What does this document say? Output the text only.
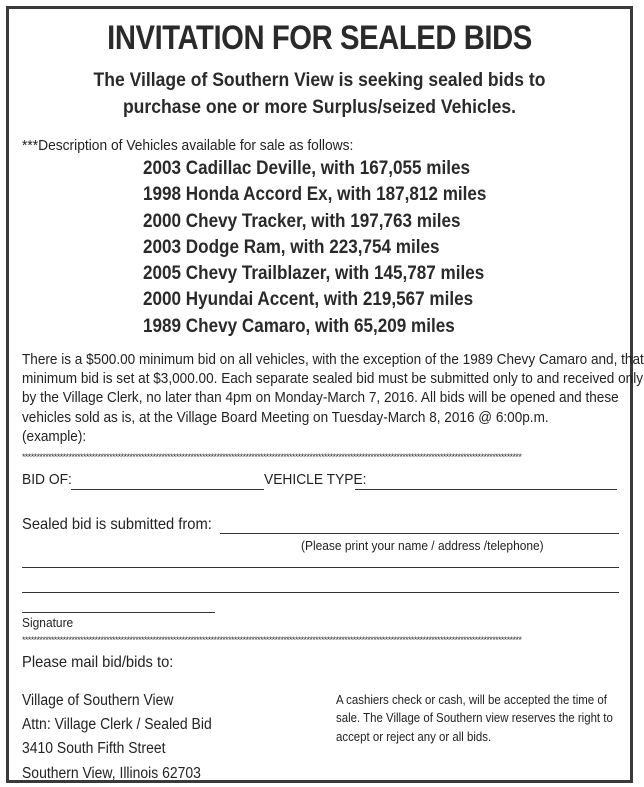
INVITATION FOR SEALED BIDS
The Village of Southern View is seeking sealed bids to
purchase one or more Surplus/seized Vehicles.
***Description of Vehicles available for sale as follows:
2003 Cadillac Deville, with 167,055 miles
1998 Honda Accord Ex, with 187,812 miles
2000 Chevy Tracker, with 197,763 miles
2003 Dodge Ram, with 223,754 miles
2005 Chevy Trailblazer, with 145,787 miles
2000 Hyundai Accent, with 219,567 miles
1989 Chevy Camaro, with 65,209 miles

There is a $500.00 minimum bid on all vehicles, with the exception of the 1989 Chevy Camaro and, that

minimum bid is set at $3,000.00. Each separate sealed bid must be submitted only to and received only

by the Village Clerk, no later than 4pm on Monday-March 7, 2016. All bids will be opened and these

vehicles sold as is, at the Village Board Meeting on Tuesday-March 8, 2016 @ 6:00p.m.

(example):

****************************************************************************************************************************************************************************
BID OF:	VEHICLE TYPE:
Sealed bid is submitted from:
(Please print your name / address /telephone)
Signature
****************************************************************************************************************************************************************************
Please mail bid/bids to:
Village of Southern View
Attn: Village Clerk / Sealed Bid
3410 South Fifth Street
Southern View, Illinois 62703
A cashiers check or cash, will be accepted the time of
sale. The Village of Southern view reserves the right to
accept or reject any or all bids.
